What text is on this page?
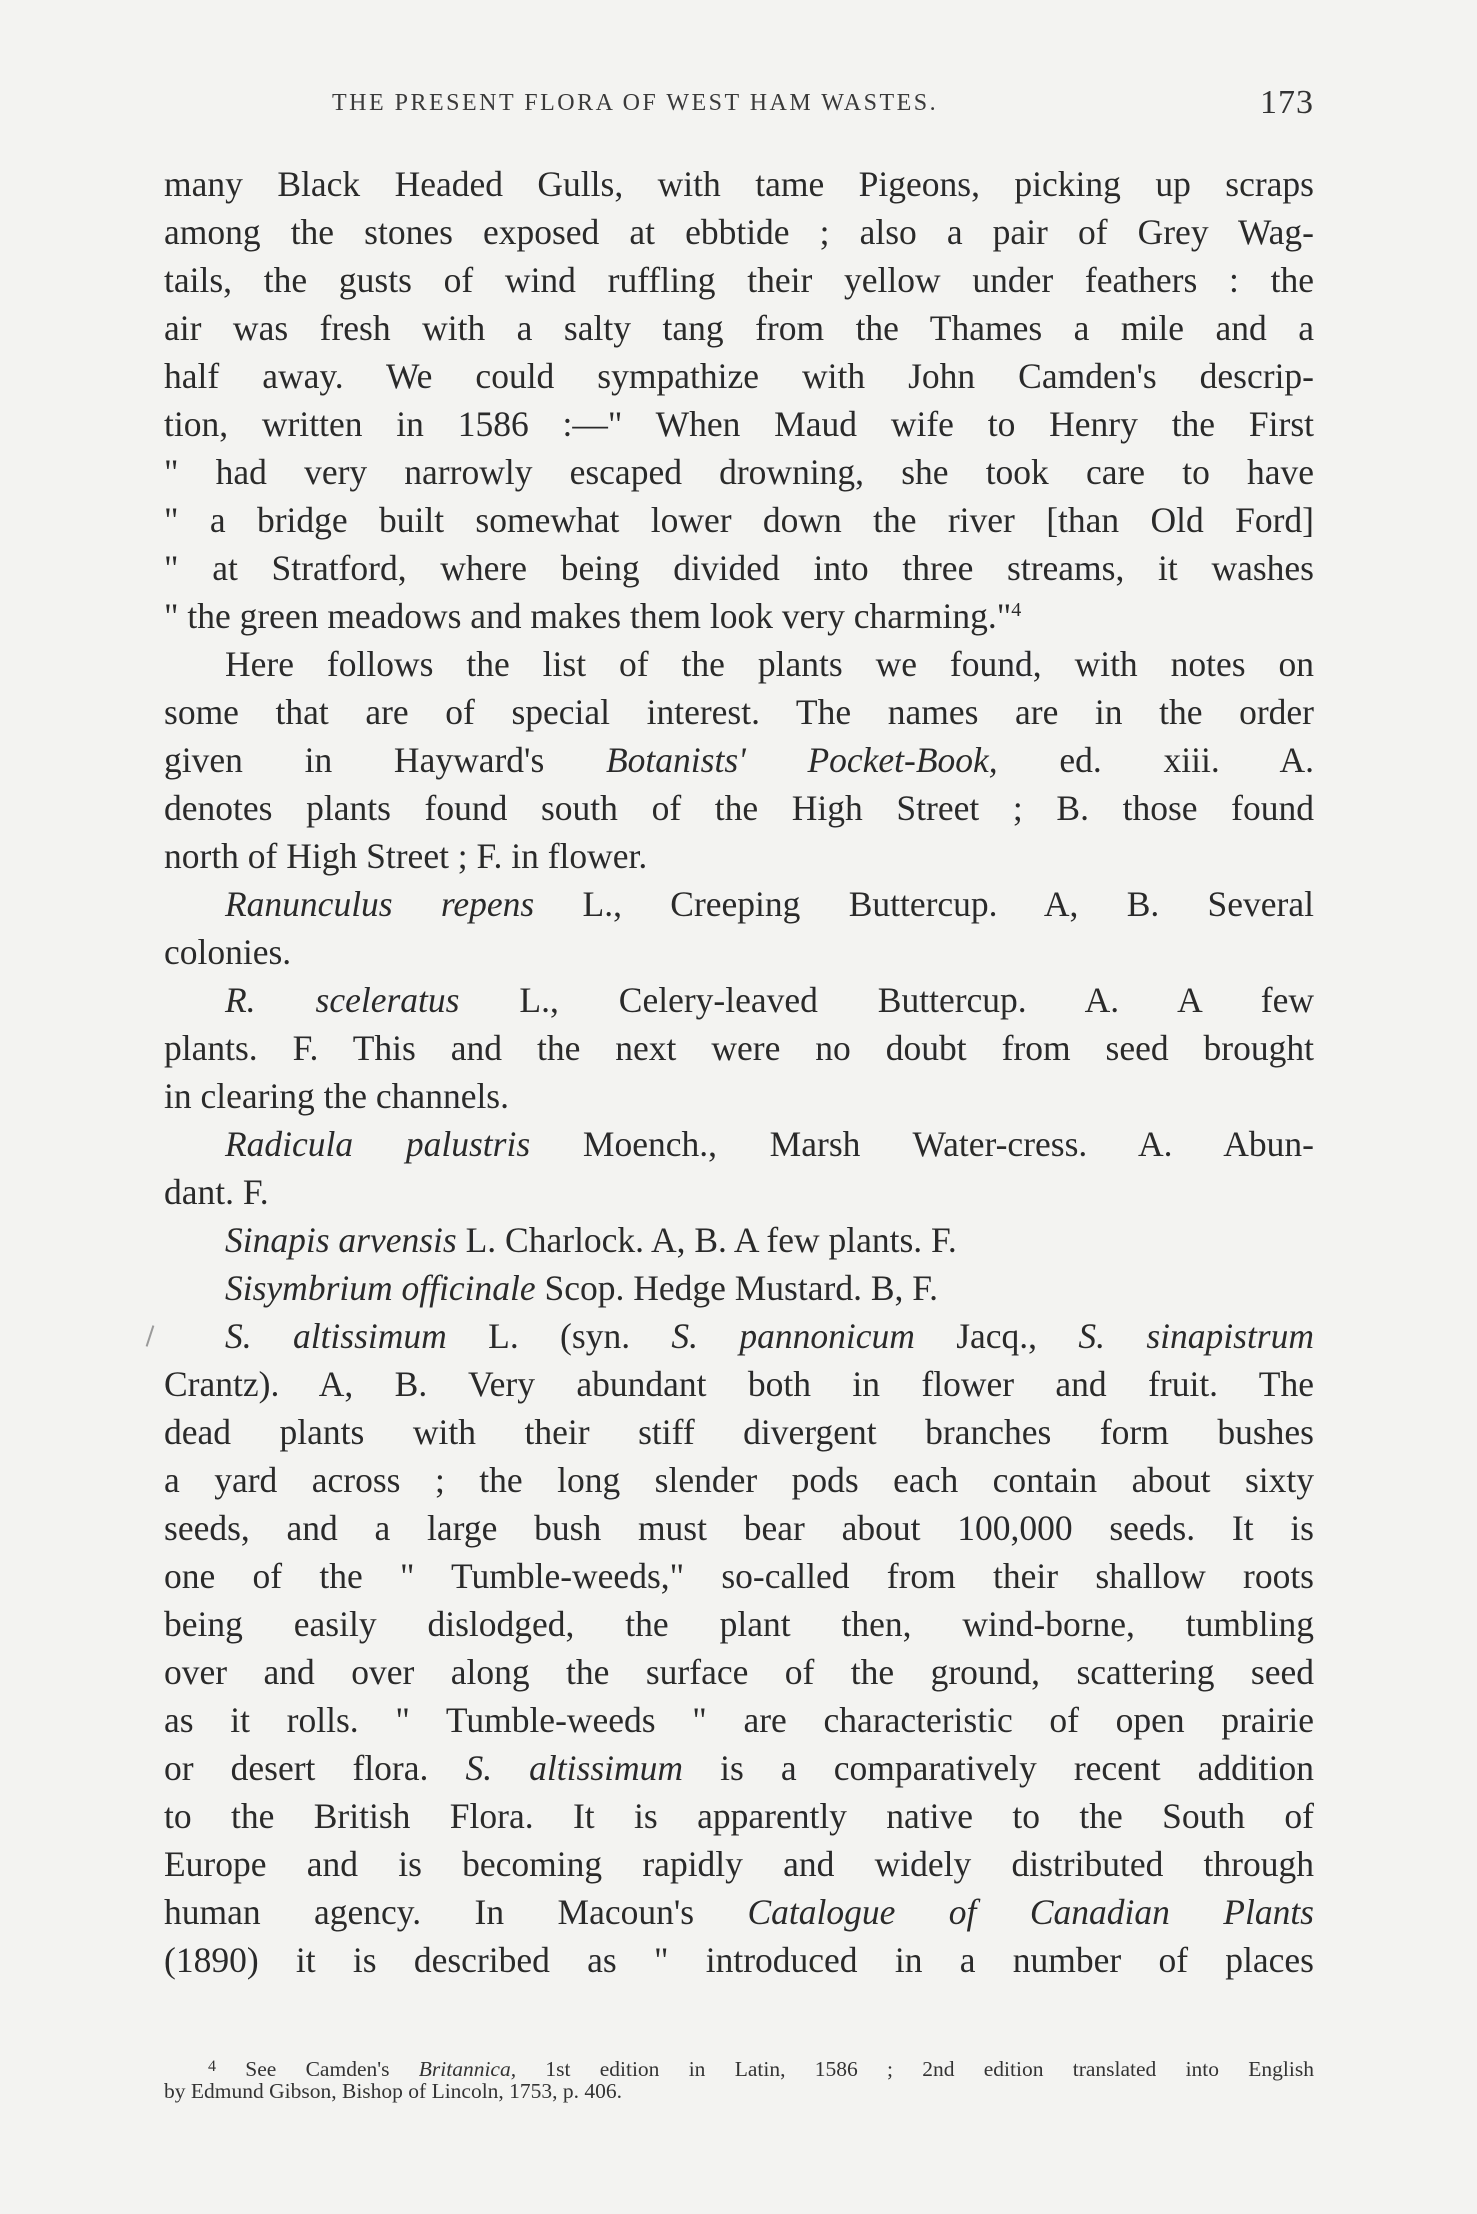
THE PRESENT FLORA OF WEST HAM WASTES.	173
many Black Headed Gulls, with tame Pigeons, picking up scraps
among the stones exposed at ebbtide ; also a pair of Grey Wag-
tails, the gusts of wind ruffling their yellow under feathers : the
air was fresh with a salty tang from the Thames a mile and a
half away. We could sympathize with John Camden's descrip-
tion, written in 1586 :—" When Maud wife to Henry the First
" had very narrowly escaped drowning, she took care to have
" a bridge built somewhat lower down the river [than Old Ford]
" at Stratford, where being divided into three streams, it washes
" the green meadows and makes them look very charming."$^4$
Here follows the list of the plants we found, with notes on
some that are of special interest. The names are in the order
given in Hayward's Botanists' Pocket-Book, ed. xiii. A.
denotes plants found south of the High Street ; B. those found
north of High Street ; F. in flower.
Ranunculus repens L., Creeping Buttercup. A, B. Several
colonies.
R. sceleratus L., Celery-leaved Buttercup. A. A few
plants. F. This and the next were no doubt from seed brought
in clearing the channels.
Radicula palustris Moench., Marsh Water-cress. A. Abun-
dant. F.
Sinapis arvensis L. Charlock. A, B. A few plants. F.
Sisymbrium officinale Scop. Hedge Mustard. B, F.
S. altissimum L. (syn. S. pannonicum Jacq., S. sinapistrum
Crantz). A, B. Very abundant both in flower and fruit. The
dead plants with their stiff divergent branches form bushes
a yard across ; the long slender pods each contain about sixty
seeds, and a large bush must bear about 100,000 seeds. It is
one of the " Tumble-weeds," so-called from their shallow roots
being easily dislodged, the plant then, wind-borne, tumbling
over and over along the surface of the ground, scattering seed
as it rolls. " Tumble-weeds " are characteristic of open prairie
or desert flora. S. altissimum is a comparatively recent addition
to the British Flora. It is apparently native to the South of
Europe and is becoming rapidly and widely distributed through
human agency. In Macoun's Catalogue of Canadian Plants
(1890) it is described as " introduced in a number of places
$^4$ See Camden's Britannica, 1st edition in Latin, 1586 ; 2nd edition translated into English
by Edmund Gibson, Bishop of Lincoln, 1753, p. 406.
